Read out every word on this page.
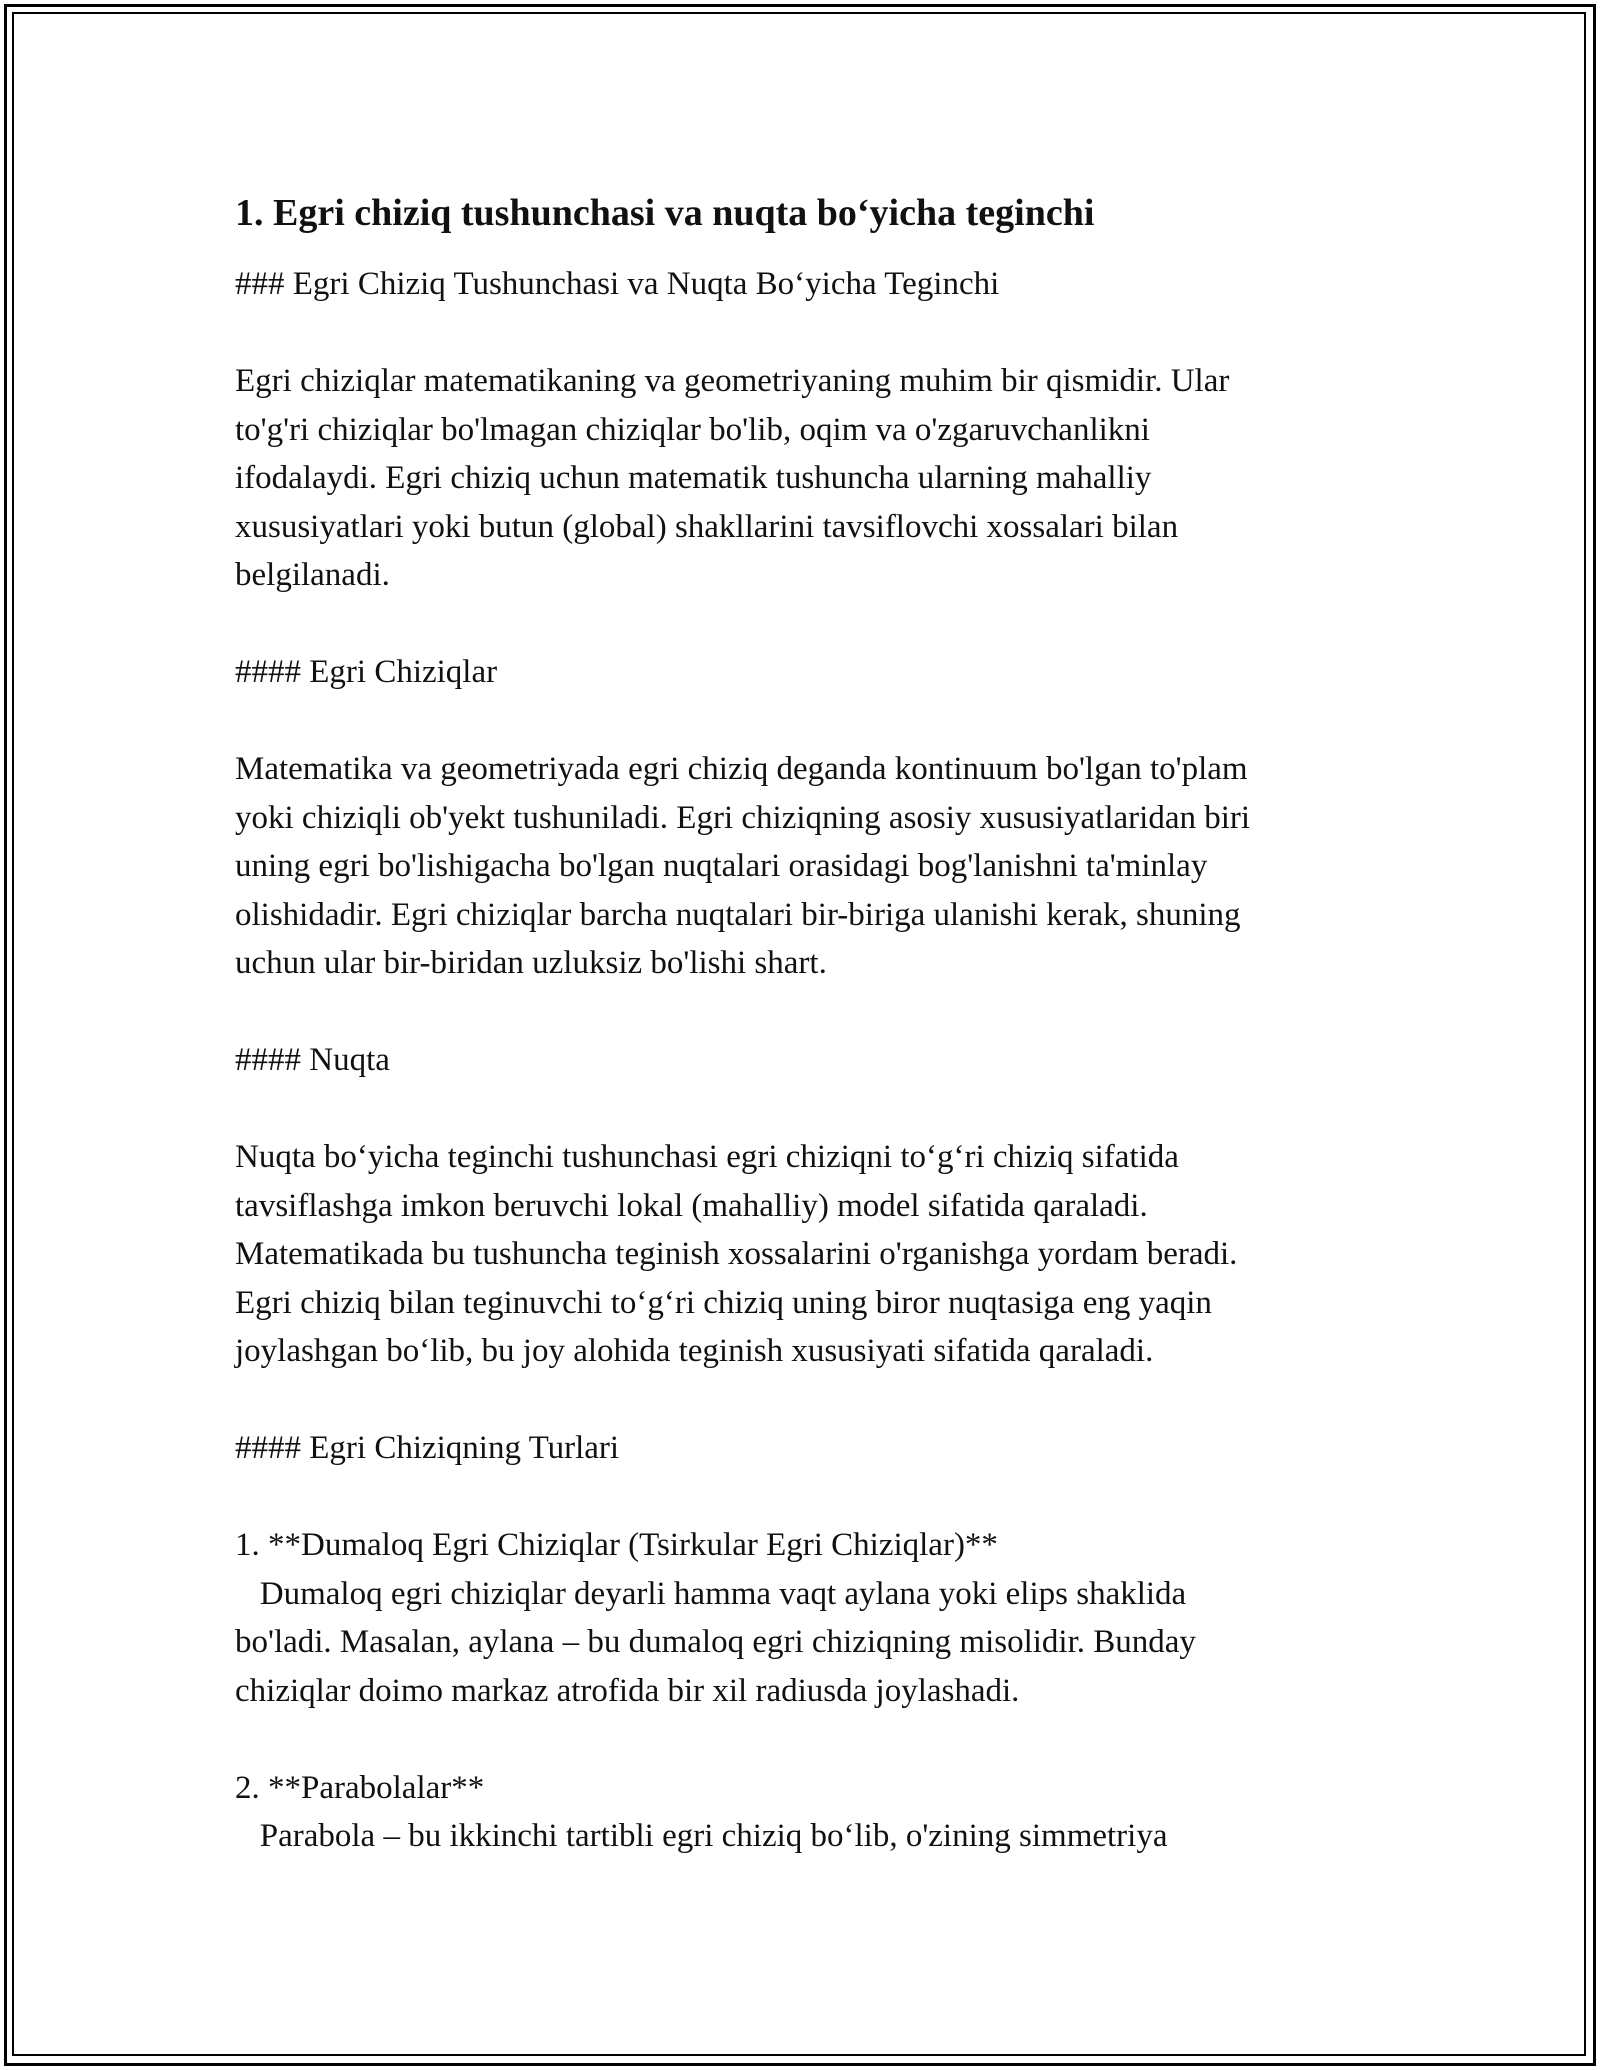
1. Egri chiziq tushunchasi va nuqta bo‘yicha teginchi
### Egri Chiziq Tushunchasi va Nuqta Bo‘yicha Teginchi
Egri chiziqlar matematikaning va geometriyaning muhim bir qismidir. Ular
to'g'ri chiziqlar bo'lmagan chiziqlar bo'lib, oqim va o'zgaruvchanlikni
ifodalaydi. Egri chiziq uchun matematik tushuncha ularning mahalliy
xususiyatlari yoki butun (global) shakllarini tavsiflovchi xossalari bilan
belgilanadi.
#### Egri Chiziqlar
Matematika va geometriyada egri chiziq deganda kontinuum bo'lgan to'plam
yoki chiziqli ob'yekt tushuniladi. Egri chiziqning asosiy xususiyatlaridan biri
uning egri bo'lishigacha bo'lgan nuqtalari orasidagi bog'lanishni ta'minlay
olishidadir. Egri chiziqlar barcha nuqtalari bir-biriga ulanishi kerak, shuning
uchun ular bir-biridan uzluksiz bo'lishi shart.
#### Nuqta
Nuqta bo‘yicha teginchi tushunchasi egri chiziqni to‘g‘ri chiziq sifatida
tavsiflashga imkon beruvchi lokal (mahalliy) model sifatida qaraladi.
Matematikada bu tushuncha teginish xossalarini o'rganishga yordam beradi.
Egri chiziq bilan teginuvchi to‘g‘ri chiziq uning biror nuqtasiga eng yaqin
joylashgan bo‘lib, bu joy alohida teginish xususiyati sifatida qaraladi.
#### Egri Chiziqning Turlari
1. **Dumaloq Egri Chiziqlar (Tsirkular Egri Chiziqlar)**
Dumaloq egri chiziqlar deyarli hamma vaqt aylana yoki elips shaklida
bo'ladi. Masalan, aylana – bu dumaloq egri chiziqning misolidir. Bunday
chiziqlar doimo markaz atrofida bir xil radiusda joylashadi.
2. **Parabolalar**
Parabola – bu ikkinchi tartibli egri chiziq bo‘lib, o'zining simmetriya
